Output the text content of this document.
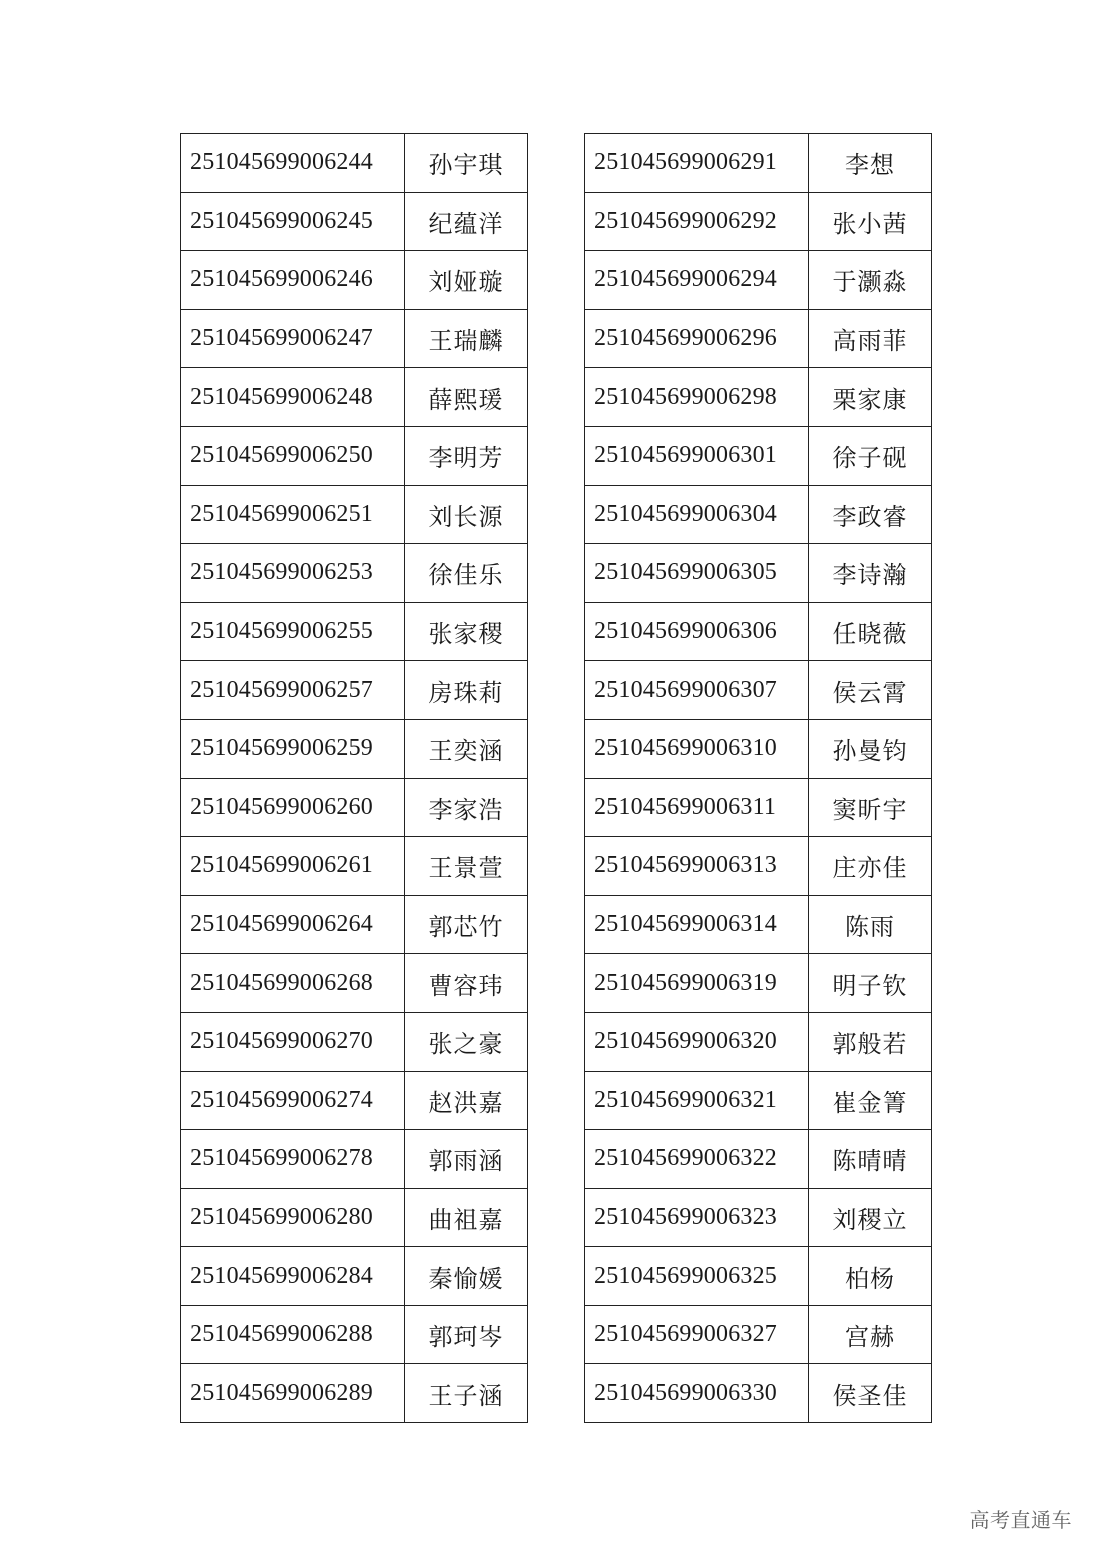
251045699006244	孙宇琪
251045699006245	纪蕴洋
251045699006246	刘娅璇
251045699006247	王瑞麟
251045699006248	薛熙瑗
251045699006250	李明芳
251045699006251	刘长源
251045699006253	徐佳乐
251045699006255	张家稷
251045699006257	房珠莉
251045699006259	王奕涵
251045699006260	李家浩
251045699006261	王景萱
251045699006264	郭芯竹
251045699006268	曹容玮
251045699006270	张之豪
251045699006274	赵洪嘉
251045699006278	郭雨涵
251045699006280	曲祖嘉
251045699006284	秦愉媛
251045699006288	郭珂岑
251045699006289	王子涵
251045699006291	李想
251045699006292	张小茜
251045699006294	于灏淼
251045699006296	高雨菲
251045699006298	栗家康
251045699006301	徐子砚
251045699006304	李政睿
251045699006305	李诗瀚
251045699006306	任晓薇
251045699006307	侯云霄
251045699006310	孙曼钧
251045699006311	窦昕宇
251045699006313	庄亦佳
251045699006314	陈雨
251045699006319	明子钦
251045699006320	郭般若
251045699006321	崔金箐
251045699006322	陈晴晴
251045699006323	刘稷立
251045699006325	柏杨
251045699006327	宫赫
251045699006330	侯圣佳
高考直通车
